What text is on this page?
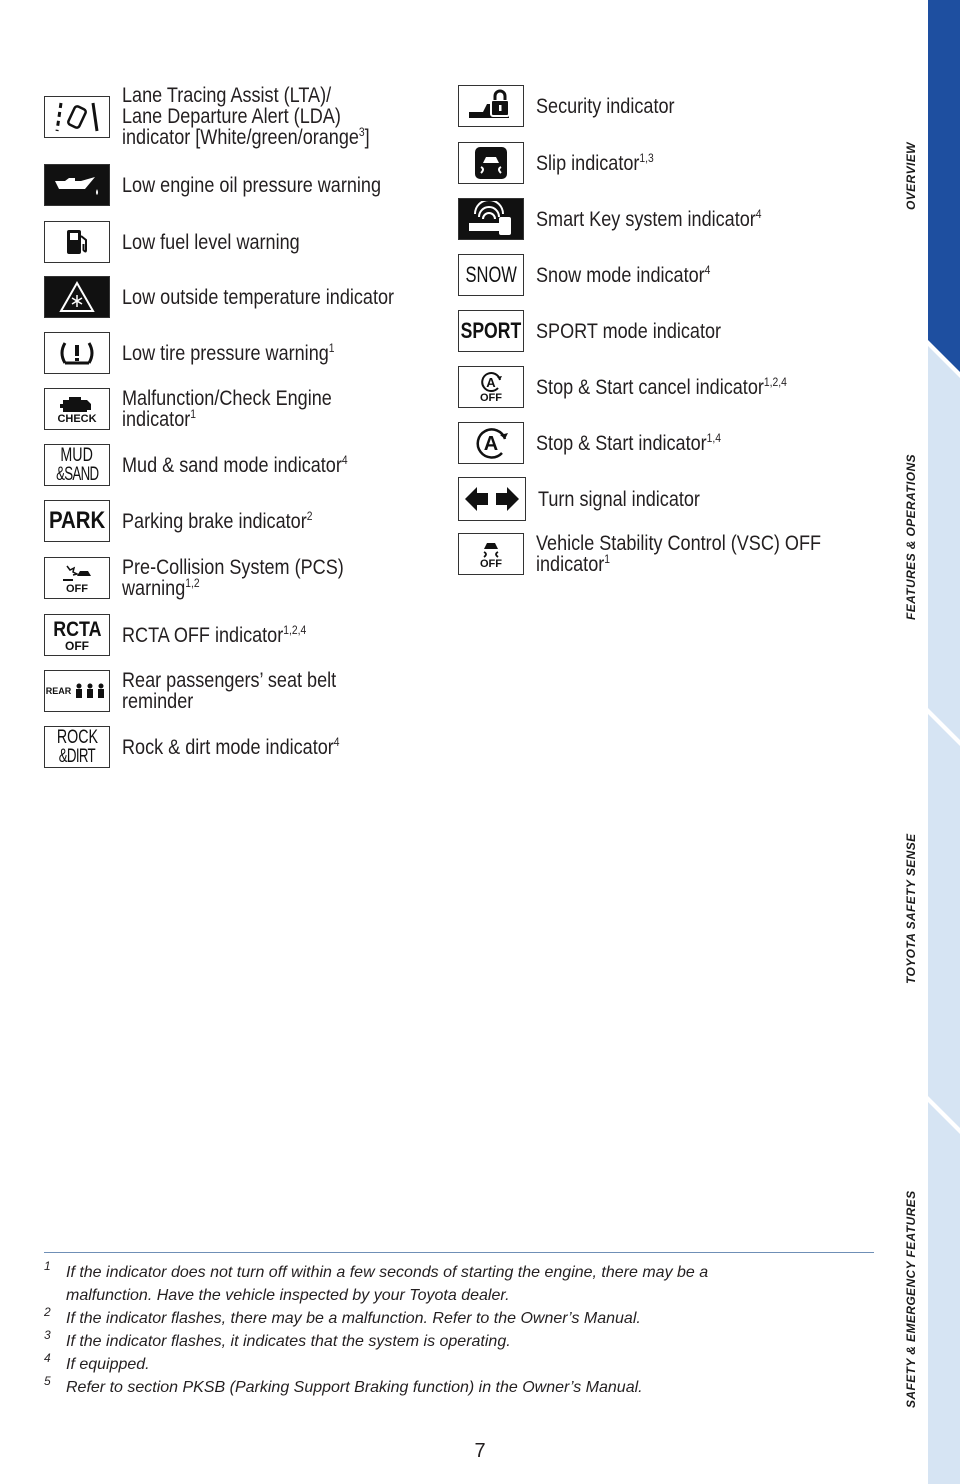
Lane Tracing Assist (LTA)/
Lane Departure Alert (LDA)
indicator [White/green/orange$^3$]
Low engine oil pressure warning
Low fuel level warning
Low outside temperature indicator
Low tire pressure warning$^1$
CHECK
Malfunction/Check Engine
indicator$^1$
MUD
&SAND Mud & sand mode indicator$^4$
PARK Parking brake indicator$^2$
OFF
Pre-Collision System (PCS)
warning$^{1,2}$
RCTA
OFF RCTA OFF indicator$^{1,2,4}$
REAR Rear passengers’ seat belt
reminder
ROCK
&DIRT Rock & dirt mode indicator$^4$
Security indicator
Slip indicator$^{1,3}$
Smart Key system indicator$^4$
SNOW Snow mode indicator$^4$
SPORT SPORT mode indicator
A
OFF Stop & Start cancel indicator$^{1,2,4}$
A Stop & Start indicator$^{1,4}$
Turn signal indicator
OFF
Vehicle Stability Control (VSC) OFF
indicator$^1$
1 If the indicator does not turn off within a few seconds of starting the engine, there may be a
malfunction. Have the vehicle inspected by your Toyota dealer.
2 If the indicator flashes, there may be a malfunction. Refer to the Owner’s Manual.
3 If the indicator flashes, it indicates that the system is operating.
4 If equipped.
5 Refer to section PKSB (Parking Support Braking function) in the Owner’s Manual.
7
OVERVIEW
FEATURES & OPERATIONS
TOYOTA SAFETY SENSE
SAFETY & EMERGENCY FEATURES
